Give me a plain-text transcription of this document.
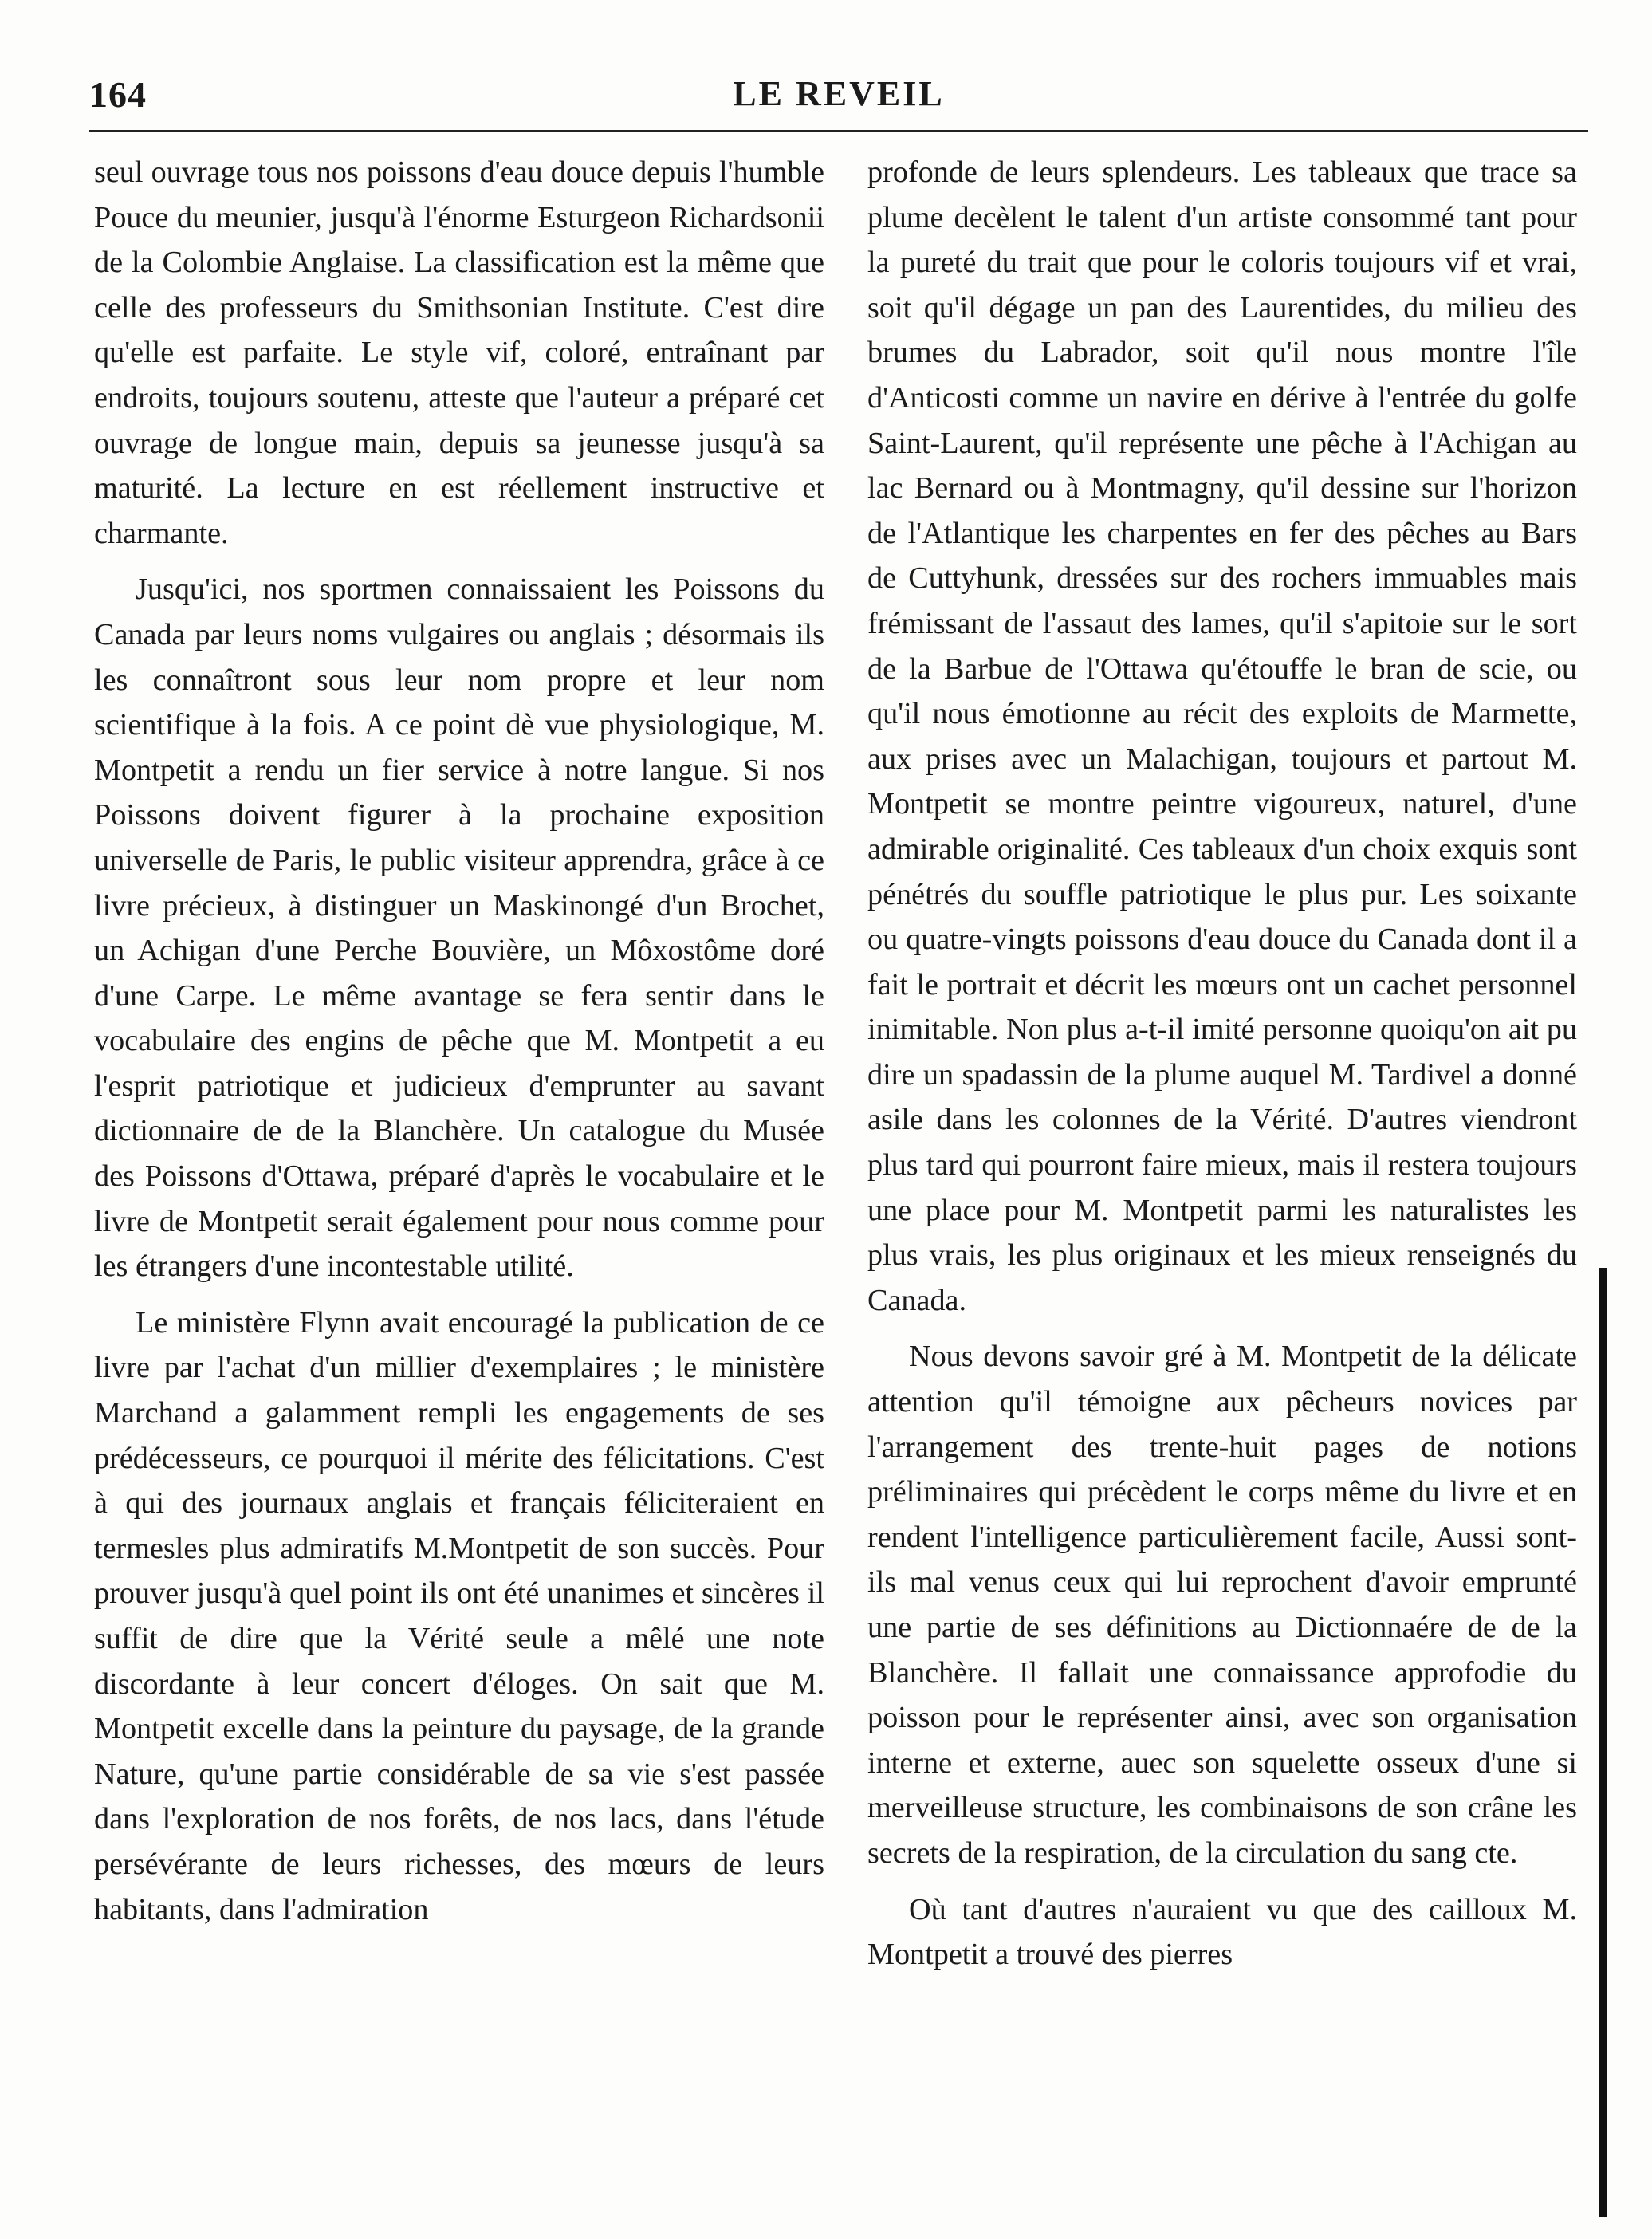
164	LE REVEIL

seul ouvrage tous nos poissons d'eau douce depuis l'humble Pouce du meunier, jusqu'à l'énorme Esturgeon Richardsonii de la Colombie Anglaise. La classification est la même que celle des professeurs du Smithsonian Institute. C'est dire qu'elle est parfaite. Le style vif, coloré, entraînant par endroits, toujours soutenu, atteste que l'auteur a préparé cet ouvrage de longue main, depuis sa jeunesse jusqu'à sa maturité. La lecture en est réellement instructive et charmante.

Jusqu'ici, nos sportmen connaissaient les Poissons du Canada par leurs noms vulgaires ou anglais ; désormais ils les connaîtront sous leur nom propre et leur nom scientifique à la fois. A ce point dè vue physiologique, M. Montpetit a rendu un fier service à notre langue. Si nos Poissons doivent figurer à la prochaine exposition universelle de Paris, le public visiteur apprendra, grâce à ce livre précieux, à distinguer un Maskinongé d'un Brochet, un Achigan d'une Perche Bouvière, un Môxostôme doré d'une Carpe. Le même avantage se fera sentir dans le vocabulaire des engins de pêche que M. Montpetit a eu l'esprit patriotique et judicieux d'emprunter au savant dictionnaire de de la Blanchère. Un catalogue du Musée des Poissons d'Ottawa, préparé d'après le vocabulaire et le livre de Montpetit serait également pour nous comme pour les étrangers d'une incontestable utilité.

Le ministère Flynn avait encouragé la publication de ce livre par l'achat d'un millier d'exemplaires ; le ministère Marchand a galamment rempli les engagements de ses prédécesseurs, ce pourquoi il mérite des félicitations. C'est à qui des journaux anglais et français féliciteraient en termesles plus admiratifs M.Montpetit de son succès. Pour prouver jusqu'à quel point ils ont été unanimes et sincères il suffit de dire que la Vérité seule a mêlé une note discordante à leur concert d'éloges. On sait que M. Montpetit excelle dans la peinture du paysage, de la grande Nature, qu'une partie considérable de sa vie s'est passée dans l'exploration de nos forêts, de nos lacs, dans l'étude persévérante de leurs richesses, des mœurs de leurs habitants, dans l'admiration

profonde de leurs splendeurs. Les tableaux que trace sa plume decèlent le talent d'un artiste consommé tant pour la pureté du trait que pour le coloris toujours vif et vrai, soit qu'il dégage un pan des Laurentides, du milieu des brumes du Labrador, soit qu'il nous montre l'île d'Anticosti comme un navire en dérive à l'entrée du golfe Saint-Laurent, qu'il représente une pêche à l'Achigan au lac Bernard ou à Montmagny, qu'il dessine sur l'horizon de l'Atlantique les charpentes en fer des pêches au Bars de Cuttyhunk, dressées sur des rochers immuables mais frémissant de l'assaut des lames, qu'il s'apitoie sur le sort de la Barbue de l'Ottawa qu'étouffe le bran de scie, ou qu'il nous émotionne au récit des exploits de Marmette, aux prises avec un Malachigan, toujours et partout M. Montpetit se montre peintre vigoureux, naturel, d'une admirable originalité. Ces tableaux d'un choix exquis sont pénétrés du souffle patriotique le plus pur. Les soixante ou quatre-vingts poissons d'eau douce du Canada dont il a fait le portrait et décrit les mœurs ont un cachet personnel inimitable. Non plus a-t-il imité personne quoiqu'on ait pu dire un spadassin de la plume auquel M. Tardivel a donné asile dans les colonnes de la Vérité. D'autres viendront plus tard qui pourront faire mieux, mais il restera toujours une place pour M. Montpetit parmi les naturalistes les plus vrais, les plus originaux et les mieux renseignés du Canada.

Nous devons savoir gré à M. Montpetit de la délicate attention qu'il témoigne aux pêcheurs novices par l'arrangement des trente-huit pages de notions préliminaires qui précèdent le corps même du livre et en rendent l'intelligence particulièrement facile, Aussi sont-ils mal venus ceux qui lui reprochent d'avoir emprunté une partie de ses définitions au Dictionnaére de de la Blanchère. Il fallait une connaissance approfodie du poisson pour le représenter ainsi, avec son organisation interne et externe, auec son squelette osseux d'une si merveilleuse structure, les combinaisons de son crâne les secrets de la respiration, de la circulation du sang cte.

Où tant d'autres n'auraient vu que des cailloux M. Montpetit a trouvé des pierres
